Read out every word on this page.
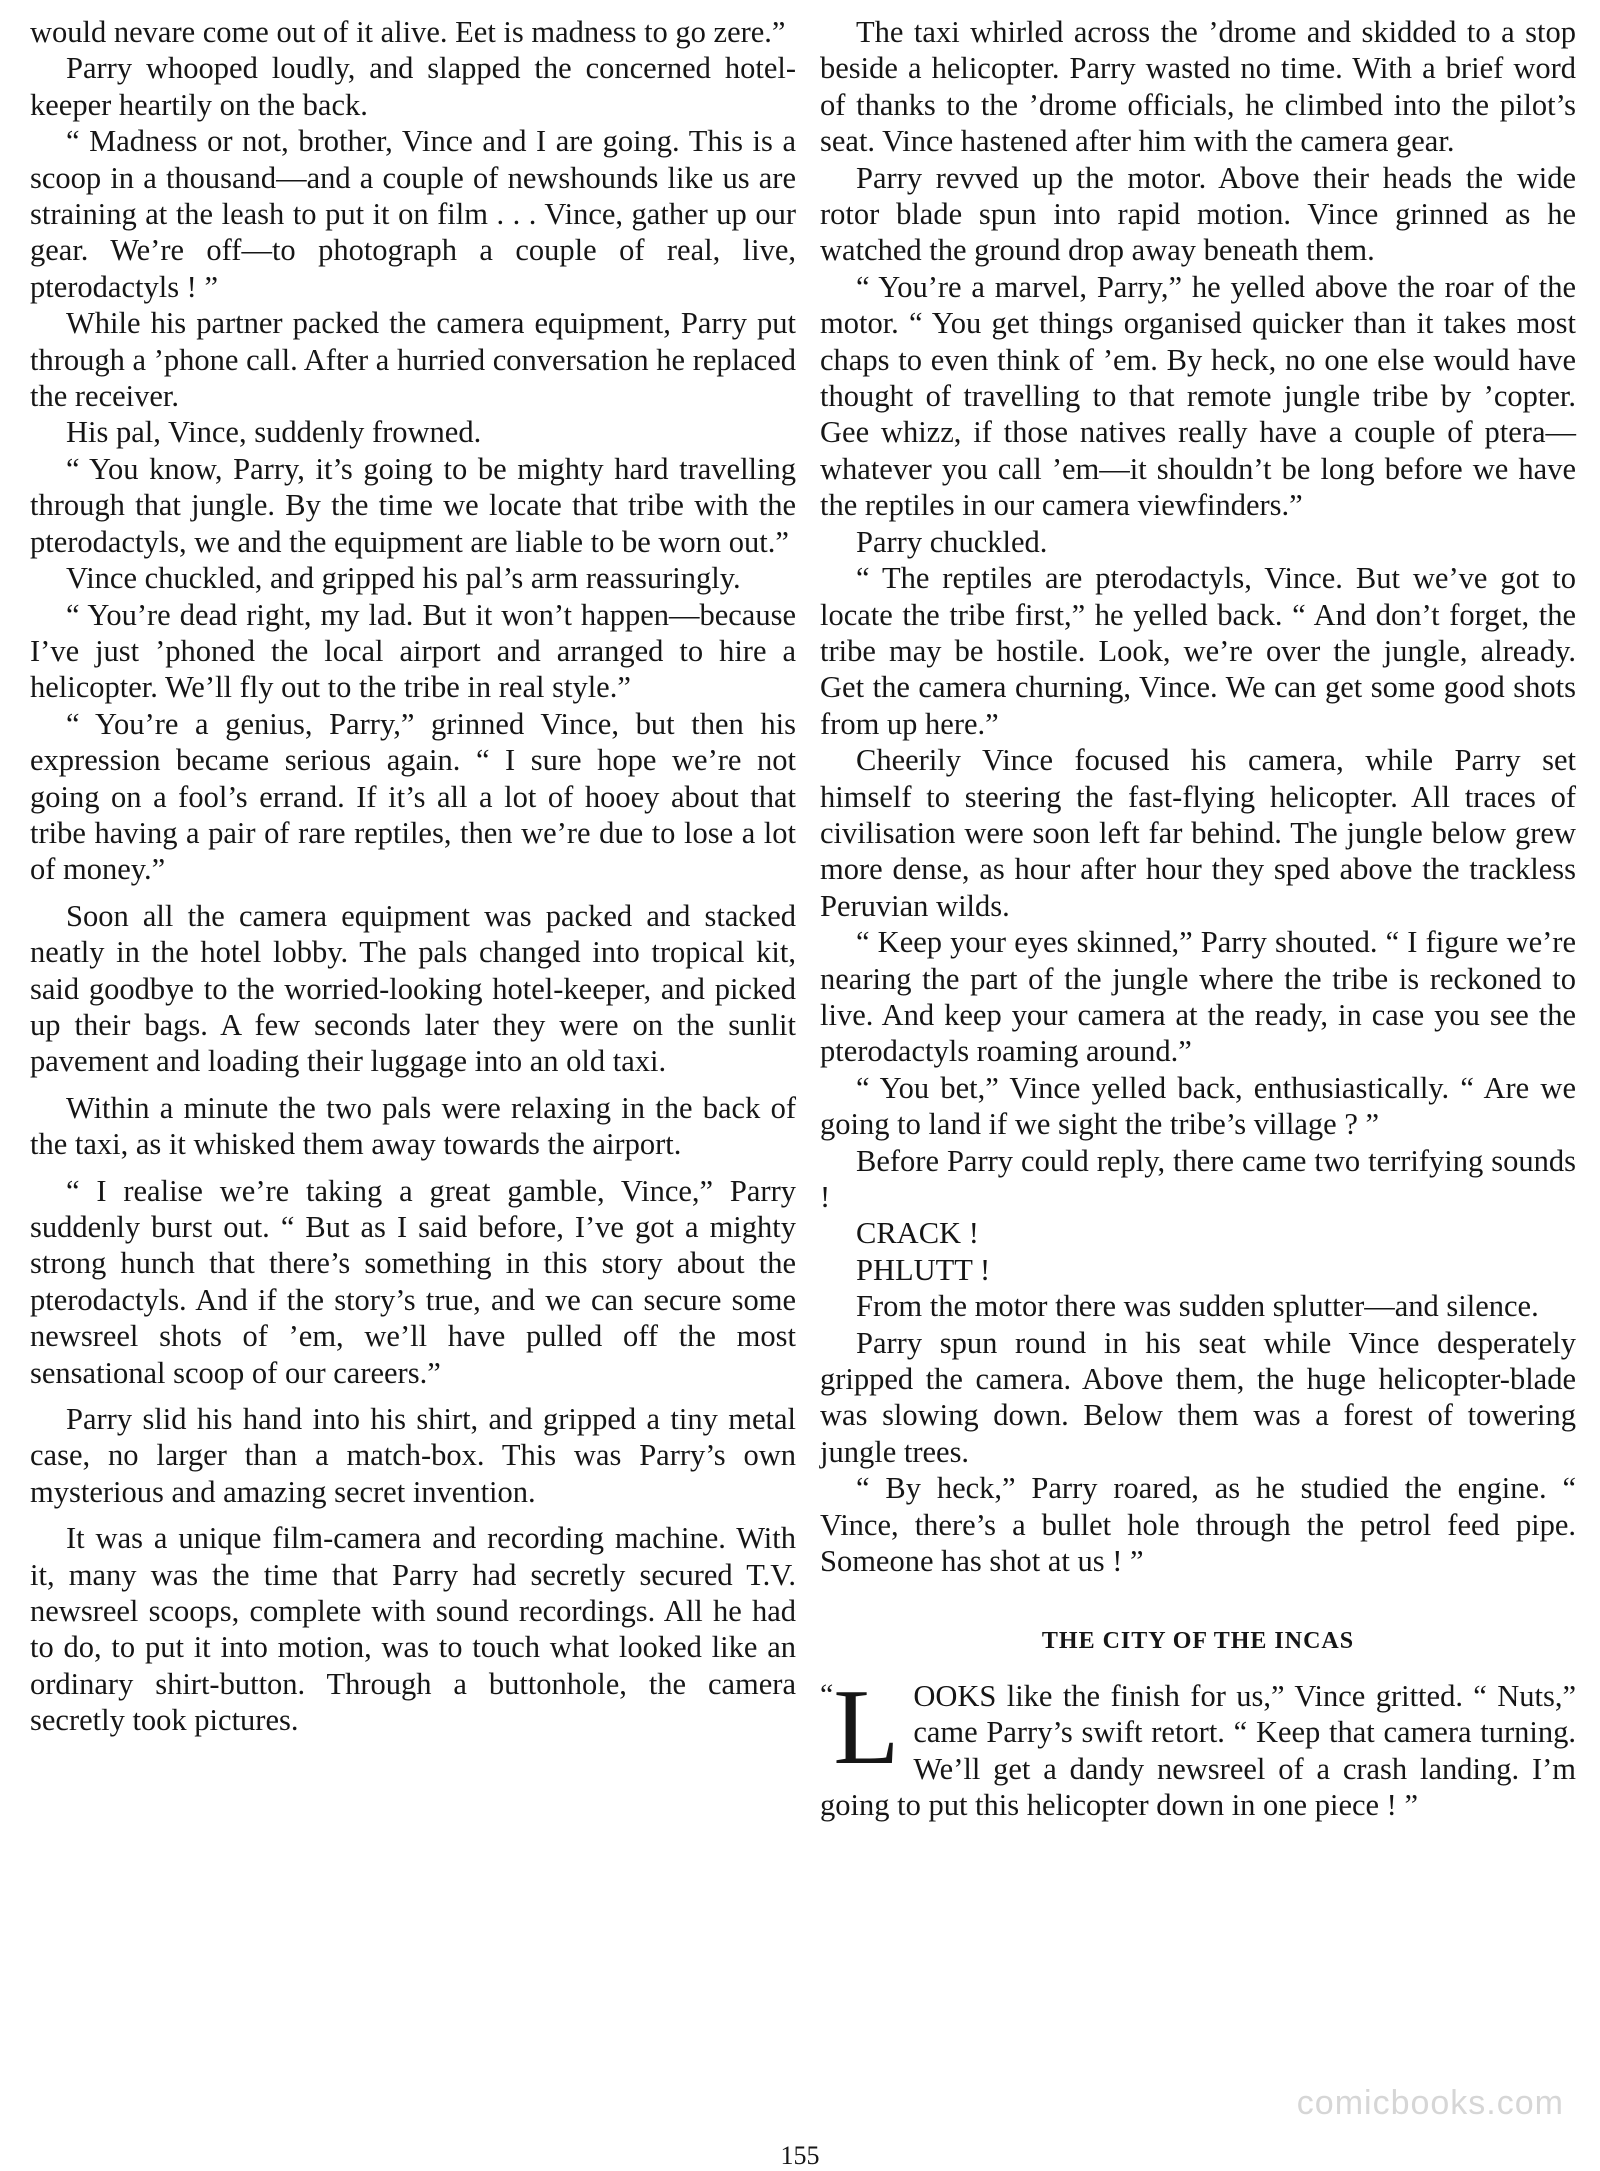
would nevare come out of it alive. Eet is madness to go zere.”

Parry whooped loudly, and slapped the concerned hotel-keeper heartily on the back.

“ Madness or not, brother, Vince and I are going. This is a scoop in a thousand—and a couple of newshounds like us are straining at the leash to put it on film . . . Vince, gather up our gear. We’re off—to photograph a couple of real, live, pterodactyls ! ”

While his partner packed the camera equipment, Parry put through a ’phone call. After a hurried conversation he replaced the receiver.

His pal, Vince, suddenly frowned.

“ You know, Parry, it’s going to be mighty hard travelling through that jungle. By the time we locate that tribe with the pterodactyls, we and the equipment are liable to be worn out.”

Vince chuckled, and gripped his pal’s arm reassuringly.

“ You’re dead right, my lad. But it won’t happen—because I’ve just ’phoned the local airport and arranged to hire a helicopter. We’ll fly out to the tribe in real style.”

“ You’re a genius, Parry,” grinned Vince, but then his expression became serious again. “ I sure hope we’re not going on a fool’s errand. If it’s all a lot of hooey about that tribe having a pair of rare reptiles, then we’re due to lose a lot of money.”

Soon all the camera equipment was packed and stacked neatly in the hotel lobby. The pals changed into tropical kit, said goodbye to the worried-looking hotel-keeper, and picked up their bags. A few seconds later they were on the sunlit pavement and loading their luggage into an old taxi.

Within a minute the two pals were relaxing in the back of the taxi, as it whisked them away towards the airport.

“ I realise we’re taking a great gamble, Vince,” Parry suddenly burst out. “ But as I said before, I’ve got a mighty strong hunch that there’s something in this story about the pterodactyls. And if the story’s true, and we can secure some newsreel shots of ’em, we’ll have pulled off the most sensational scoop of our careers.”

Parry slid his hand into his shirt, and gripped a tiny metal case, no larger than a match-box. This was Parry’s own mysterious and amazing secret invention.

It was a unique film-camera and recording machine. With it, many was the time that Parry had secretly secured T.V. newsreel scoops, complete with sound recordings. All he had to do, to put it into motion, was to touch what looked like an ordinary shirt-button. Through a buttonhole, the camera secretly took pictures.

The taxi whirled across the ’drome and skidded to a stop beside a helicopter. Parry wasted no time. With a brief word of thanks to the ’drome officials, he climbed into the pilot’s seat. Vince hastened after him with the camera gear.

Parry revved up the motor. Above their heads the wide rotor blade spun into rapid motion. Vince grinned as he watched the ground drop away beneath them.

“ You’re a marvel, Parry,” he yelled above the roar of the motor. “ You get things organised quicker than it takes most chaps to even think of ’em. By heck, no one else would have thought of travelling to that remote jungle tribe by ’copter. Gee whizz, if those natives really have a couple of ptera—whatever you call ’em—it shouldn’t be long before we have the reptiles in our camera viewfinders.”

Parry chuckled.

“ The reptiles are pterodactyls, Vince. But we’ve got to locate the tribe first,” he yelled back. “ And don’t forget, the tribe may be hostile. Look, we’re over the jungle, already. Get the camera churning, Vince. We can get some good shots from up here.”

Cheerily Vince focused his camera, while Parry set himself to steering the fast-flying helicopter. All traces of civilisation were soon left far behind. The jungle below grew more dense, as hour after hour they sped above the trackless Peruvian wilds.

“ Keep your eyes skinned,” Parry shouted. “ I figure we’re nearing the part of the jungle where the tribe is reckoned to live. And keep your camera at the ready, in case you see the pterodactyls roaming around.”

“ You bet,” Vince yelled back, enthusiastically. “ Are we going to land if we sight the tribe’s village ? ”

Before Parry could reply, there came two terrifying sounds !

CRACK !

PHLUTT !

From the motor there was sudden splutter—and silence.

Parry spun round in his seat while Vince desperately gripped the camera. Above them, the huge helicopter-blade was slowing down. Below them was a forest of towering jungle trees.

“ By heck,” Parry roared, as he studied the engine. “ Vince, there’s a bullet hole through the petrol feed pipe. Someone has shot at us ! ”

THE CITY OF THE INCAS

“ L OOKS like the finish for us,” Vince gritted. “ Nuts,” came Parry’s swift retort. “ Keep that camera turning. We’ll get a dandy newsreel of a crash landing. I’m going to put this helicopter down in one piece ! ”

comicbooks.com
155
